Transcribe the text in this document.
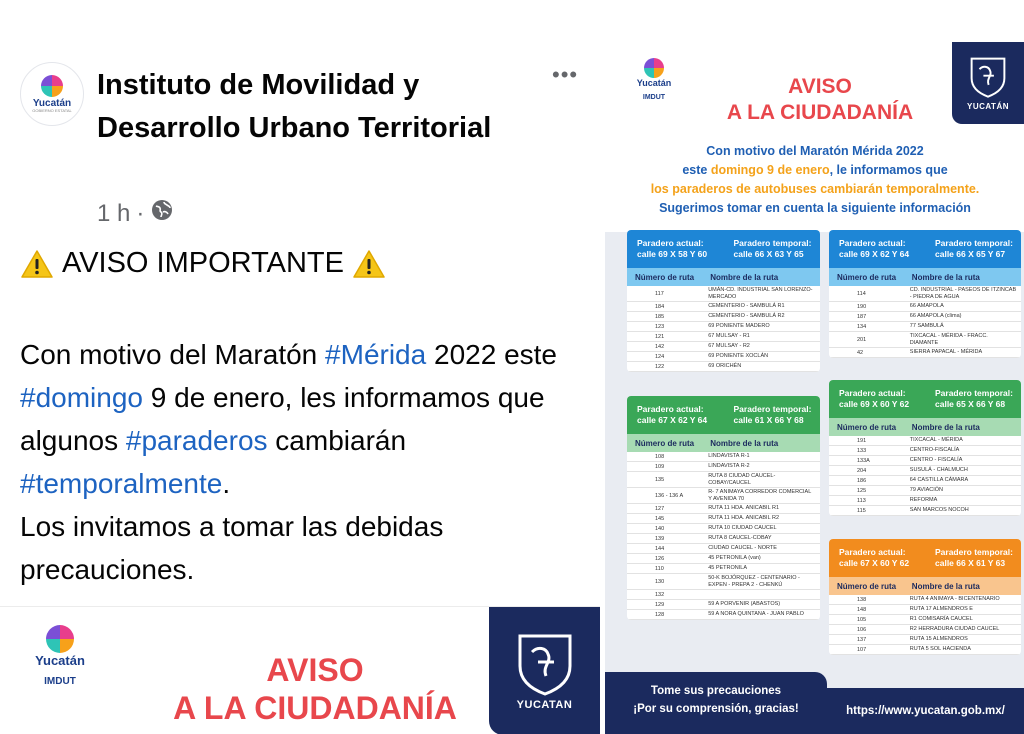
Yucatán
GOBIERNO ESTATAL
Instituto de Movilidad y Desarrollo Urbano Territorial
•••
1 h ·
AVISO IMPORTANTE
Con motivo del Maratón #Mérida 2022 este #domingo 9 de enero, les informamos que algunos #paraderos cambiarán #temporalmente.
Los invitamos a tomar las debidas precauciones.
Yucatán
IMDUT	AVISO
A LA CIUDADANÍA	YUCATAN
Yucatán
IMDUT	AVISO
A LA CIUDADANÍA	YUCATÁN
Con motivo del Maratón Mérida 2022
este domingo 9 de enero, le informamos que
los paraderos de autobuses cambiarán temporalmente.
Sugerimos tomar en cuenta la siguiente información
Paradero actual: calle 69 X 58 Y 60
Paradero temporal: calle 66 X 63 Y 65
Número de ruta	Nombre de la ruta
117
UMÁN-CD. INDUSTRIAL SAN LORENZO- MERCADO
184	CEMENTERIO - SAMBULÁ R1
185	CEMENTERIO - SAMBULÁ R2
123	69 PONIENTE MADERO
121	67 MULSAY - R1
142	67 MULSAY - R2
124	69 PONIENTE XOCLÁN
122	69 ORICHÉN
Paradero actual: calle 69 X 62 Y 64
Paradero temporal: calle 66 X 65 Y 67
Número de ruta	Nombre de la ruta
114
CD. INDUSTRIAL - PASEOS DE ITZINCAB - PIEDRA DE AGUA
190	66 AMAPOLA
187	66 AMAPOLA (clima)
134	77 SAMBULÁ
201
TIXCACAL - MÉRIDA - FRACC. DIAMANTE
42	SIERRA PAPACAL - MÉRIDA
Paradero actual: calle 67 X 62 Y 64
Paradero temporal: calle 61 X 66 Y 68
Número de ruta	Nombre de la ruta
108	LINDAVISTA R-1
109	LINDAVISTA R-2
135
RUTA 8 CIUDAD CAUCEL-COBAY/CAUCEL
136 - 136 A
R- 7 ANIMAYA CORREDOR COMERCIAL Y AVENIDA 70
127	RUTA 11 HDA. ANICABIL R1
145	RUTA 11 HDA. ANICABIL R2
140	RUTA 10 CIUDAD CAUCEL
139	RUTA 8 CAUCEL-COBAY
144	CIUDAD CAUCEL - NORTE
126	45 PETRONILA (van)
110	45 PETRONILA
130
50-K BOJÓRQUEZ - CENTENARIO - EXPEN - PREPA 2 - CHENKÚ
132
129	59 A PORVENIR (ABASTOS)
128	59 A NORA QUINTANA - JUAN PABLO
Paradero actual: calle 69 X 60 Y 62
Paradero temporal: calle 65 X 66 Y 68
Número de ruta	Nombre de la ruta
191	TIXCACAL - MÉRIDA
133	CENTRO-FISCALÍA
133A	CENTRO - FISCALÍA
204	SUSULÁ - CHALMUCH
186	64 CASTILLA CÁMARA
125	79 AVIACIÓN
113	REFORMA
115	SAN MARCOS NOCOH
Paradero actual: calle 67 X 60 Y 62
Paradero temporal: calle 66 X 61 Y 63
Número de ruta	Nombre de la ruta
138	RUTA 4 ANIMAYA - BICENTENARIO
148	RUTA 17 ALMENDROS E
105	R1 COMISARÍA CAUCEL
106	R2 HERRADURA CIUDAD CAUCEL
137	RUTA 15 ALMENDROS
107	RUTA 5 SOL HACIENDA
Tome sus precauciones
¡Por su comprensión, gracias!	https://www.yucatan.gob.mx/
